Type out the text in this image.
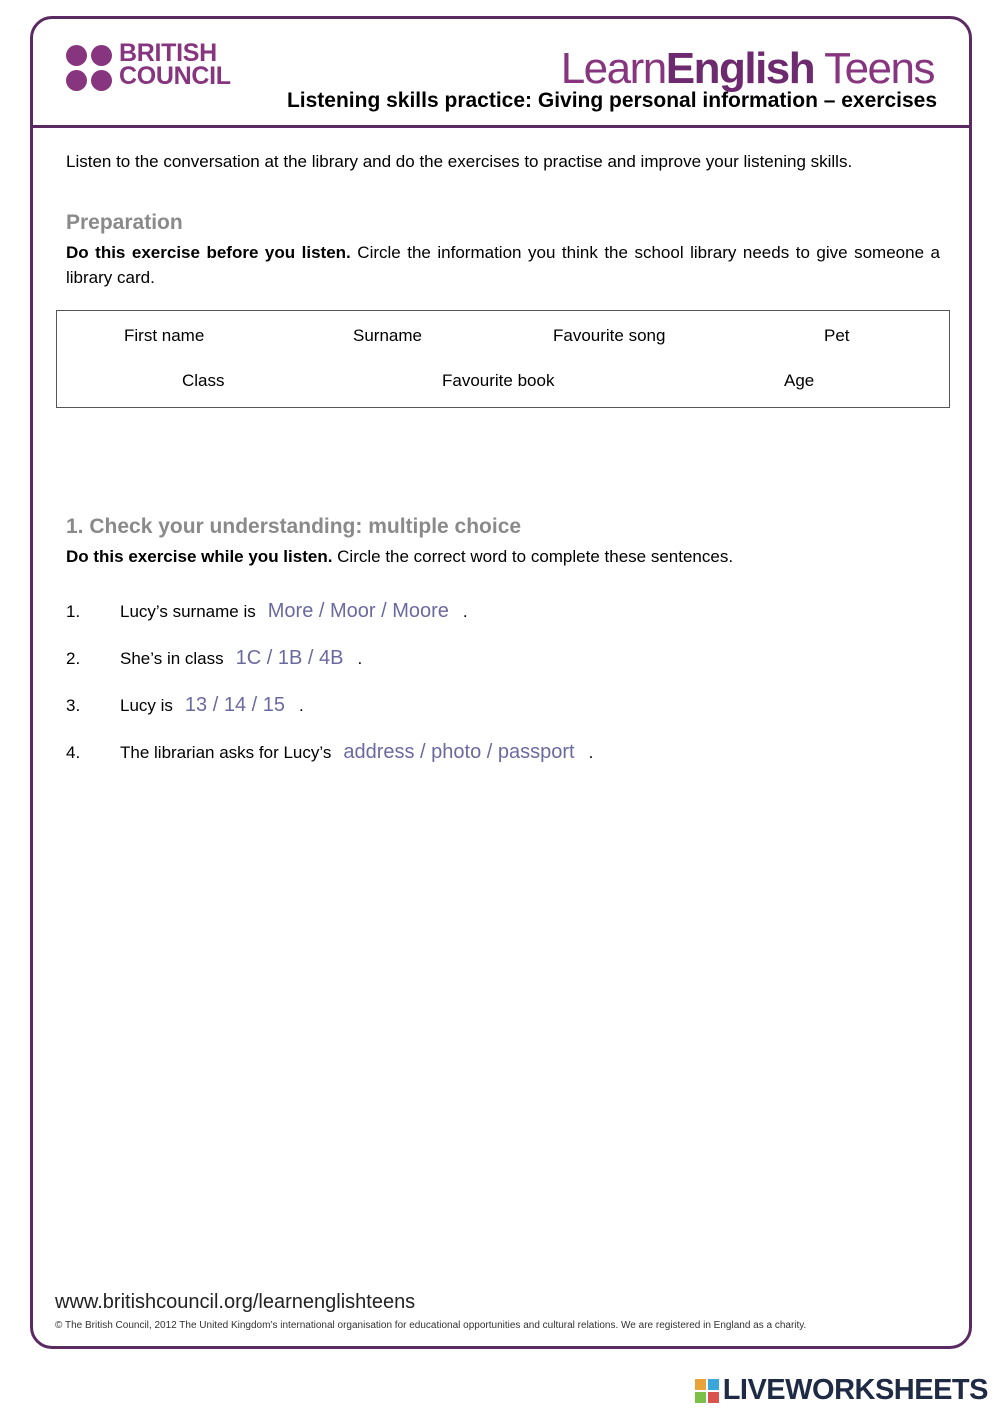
BRITISH
COUNCIL	LearnEnglish Teens
Listening skills practice: Giving personal information – exercises
Listen to the conversation at the library and do the exercises to practise and improve your listening skills.
Preparation
Do this exercise before you listen. Circle the information you think the school library needs to give someone a library card.
First name	Surname	Favourite song	Pet
Class	Favourite book	Age
1. Check your understanding: multiple choice
Do this exercise while you listen. Circle the correct word to complete these sentences.
1. Lucy’s surname is More / Moor / Moore .
2. She’s in class 1C / 1B / 4B .
3. Lucy is 13 / 14 / 15 .
4. The librarian asks for Lucy’s address / photo / passport .
www.britishcouncil.org/learnenglishteens
© The British Council, 2012 The United Kingdom’s international organisation for educational opportunities and cultural relations. We are registered in England as a charity.
LIVEWORKSHEETS
